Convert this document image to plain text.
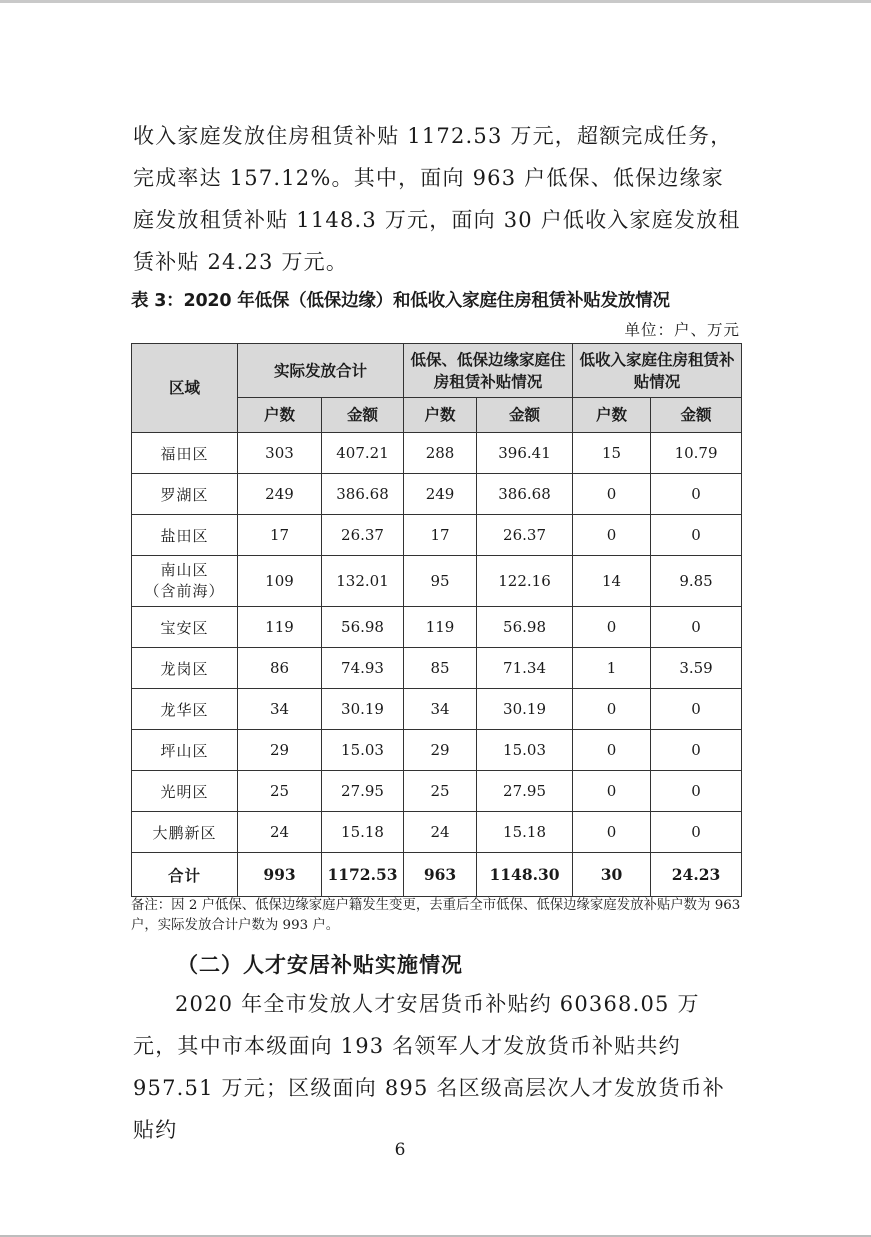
收入家庭发放住房租赁补贴 1172.53 万元，超额完成任务，完成率达 157.12%。其中，面向 963 户低保、低保边缘家庭发放租赁补贴 1148.3 万元，面向 30 户低收入家庭发放租赁补贴 24.23 万元。

表 3：2020 年低保（低保边缘）和低收入家庭住房租赁补贴发放情况
单位：户、万元
区域	实际发放合计		低保、低保边缘家庭住房租赁补贴情况		低收入家庭住房租赁补贴情况	
	户数	金额	户数	金额	户数	金额

福田区	303	407.21	288	396.41	15	10.79

罗湖区	249	386.68	249	386.68	0	0

盐田区	17	26.37	17	26.37	0	0

南山区
（含前海）	109	132.01	95	122.16	14	9.85

宝安区	119	56.98	119	56.98	0	0

龙岗区	86	74.93	85	71.34	1	3.59

龙华区	34	30.19	34	30.19	0	0

坪山区	29	15.03	29	15.03	0	0

光明区	25	27.95	25	27.95	0	0

大鹏新区	24	15.18	24	15.18	0	0
合计	993	1172.53	963	1148.30	30	24.23

备注：因 2 户低保、低保边缘家庭户籍发生变更，去重后全市低保、低保边缘家庭发放补贴户数为 963 户，实际发放合计户数为 993 户。

（二）人才安居补贴实施情况

2020 年全市发放人才安居货币补贴约 60368.05 万元，其中市本级面向 193 名领军人才发放货币补贴共约 957.51 万元；区级面向 895 名区级高层次人才发放货币补贴约

6
